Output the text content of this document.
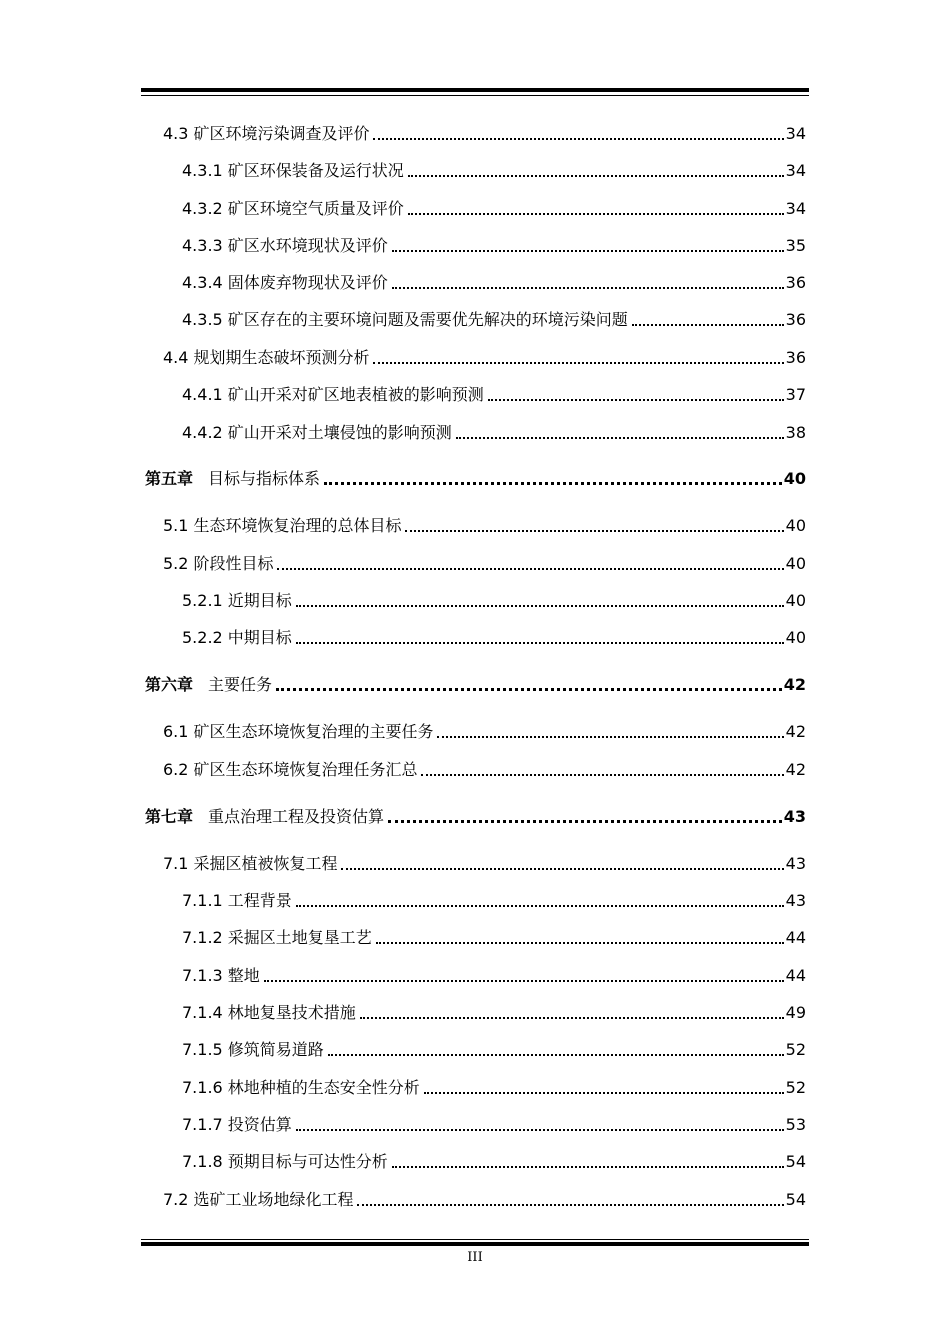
4.3 矿区环境污染调查及评价	34
4.3.1 矿区环保装备及运行状况	34
4.3.2 矿区环境空气质量及评价	34
4.3.3 矿区水环境现状及评价	35
4.3.4 固体废弃物现状及评价	36
4.3.5 矿区存在的主要环境问题及需要优先解决的环境污染问题	36
4.4 规划期生态破坏预测分析	36
4.4.1 矿山开采对矿区地表植被的影响预测	37
4.4.2 矿山开采对土壤侵蚀的影响预测	38
第五章 目标与指标体系	40
5.1 生态环境恢复治理的总体目标	40
5.2 阶段性目标	40
5.2.1 近期目标	40
5.2.2 中期目标	40
第六章 主要任务	42
6.1 矿区生态环境恢复治理的主要任务	42
6.2 矿区生态环境恢复治理任务汇总	42
第七章 重点治理工程及投资估算	43
7.1 采掘区植被恢复工程	43
7.1.1 工程背景	43
7.1.2 采掘区土地复垦工艺	44
7.1.3 整地	44
7.1.4 林地复垦技术措施	49
7.1.5 修筑简易道路	52
7.1.6 林地种植的生态安全性分析	52
7.1.7 投资估算	53
7.1.8 预期目标与可达性分析	54
7.2 选矿工业场地绿化工程	54
III
